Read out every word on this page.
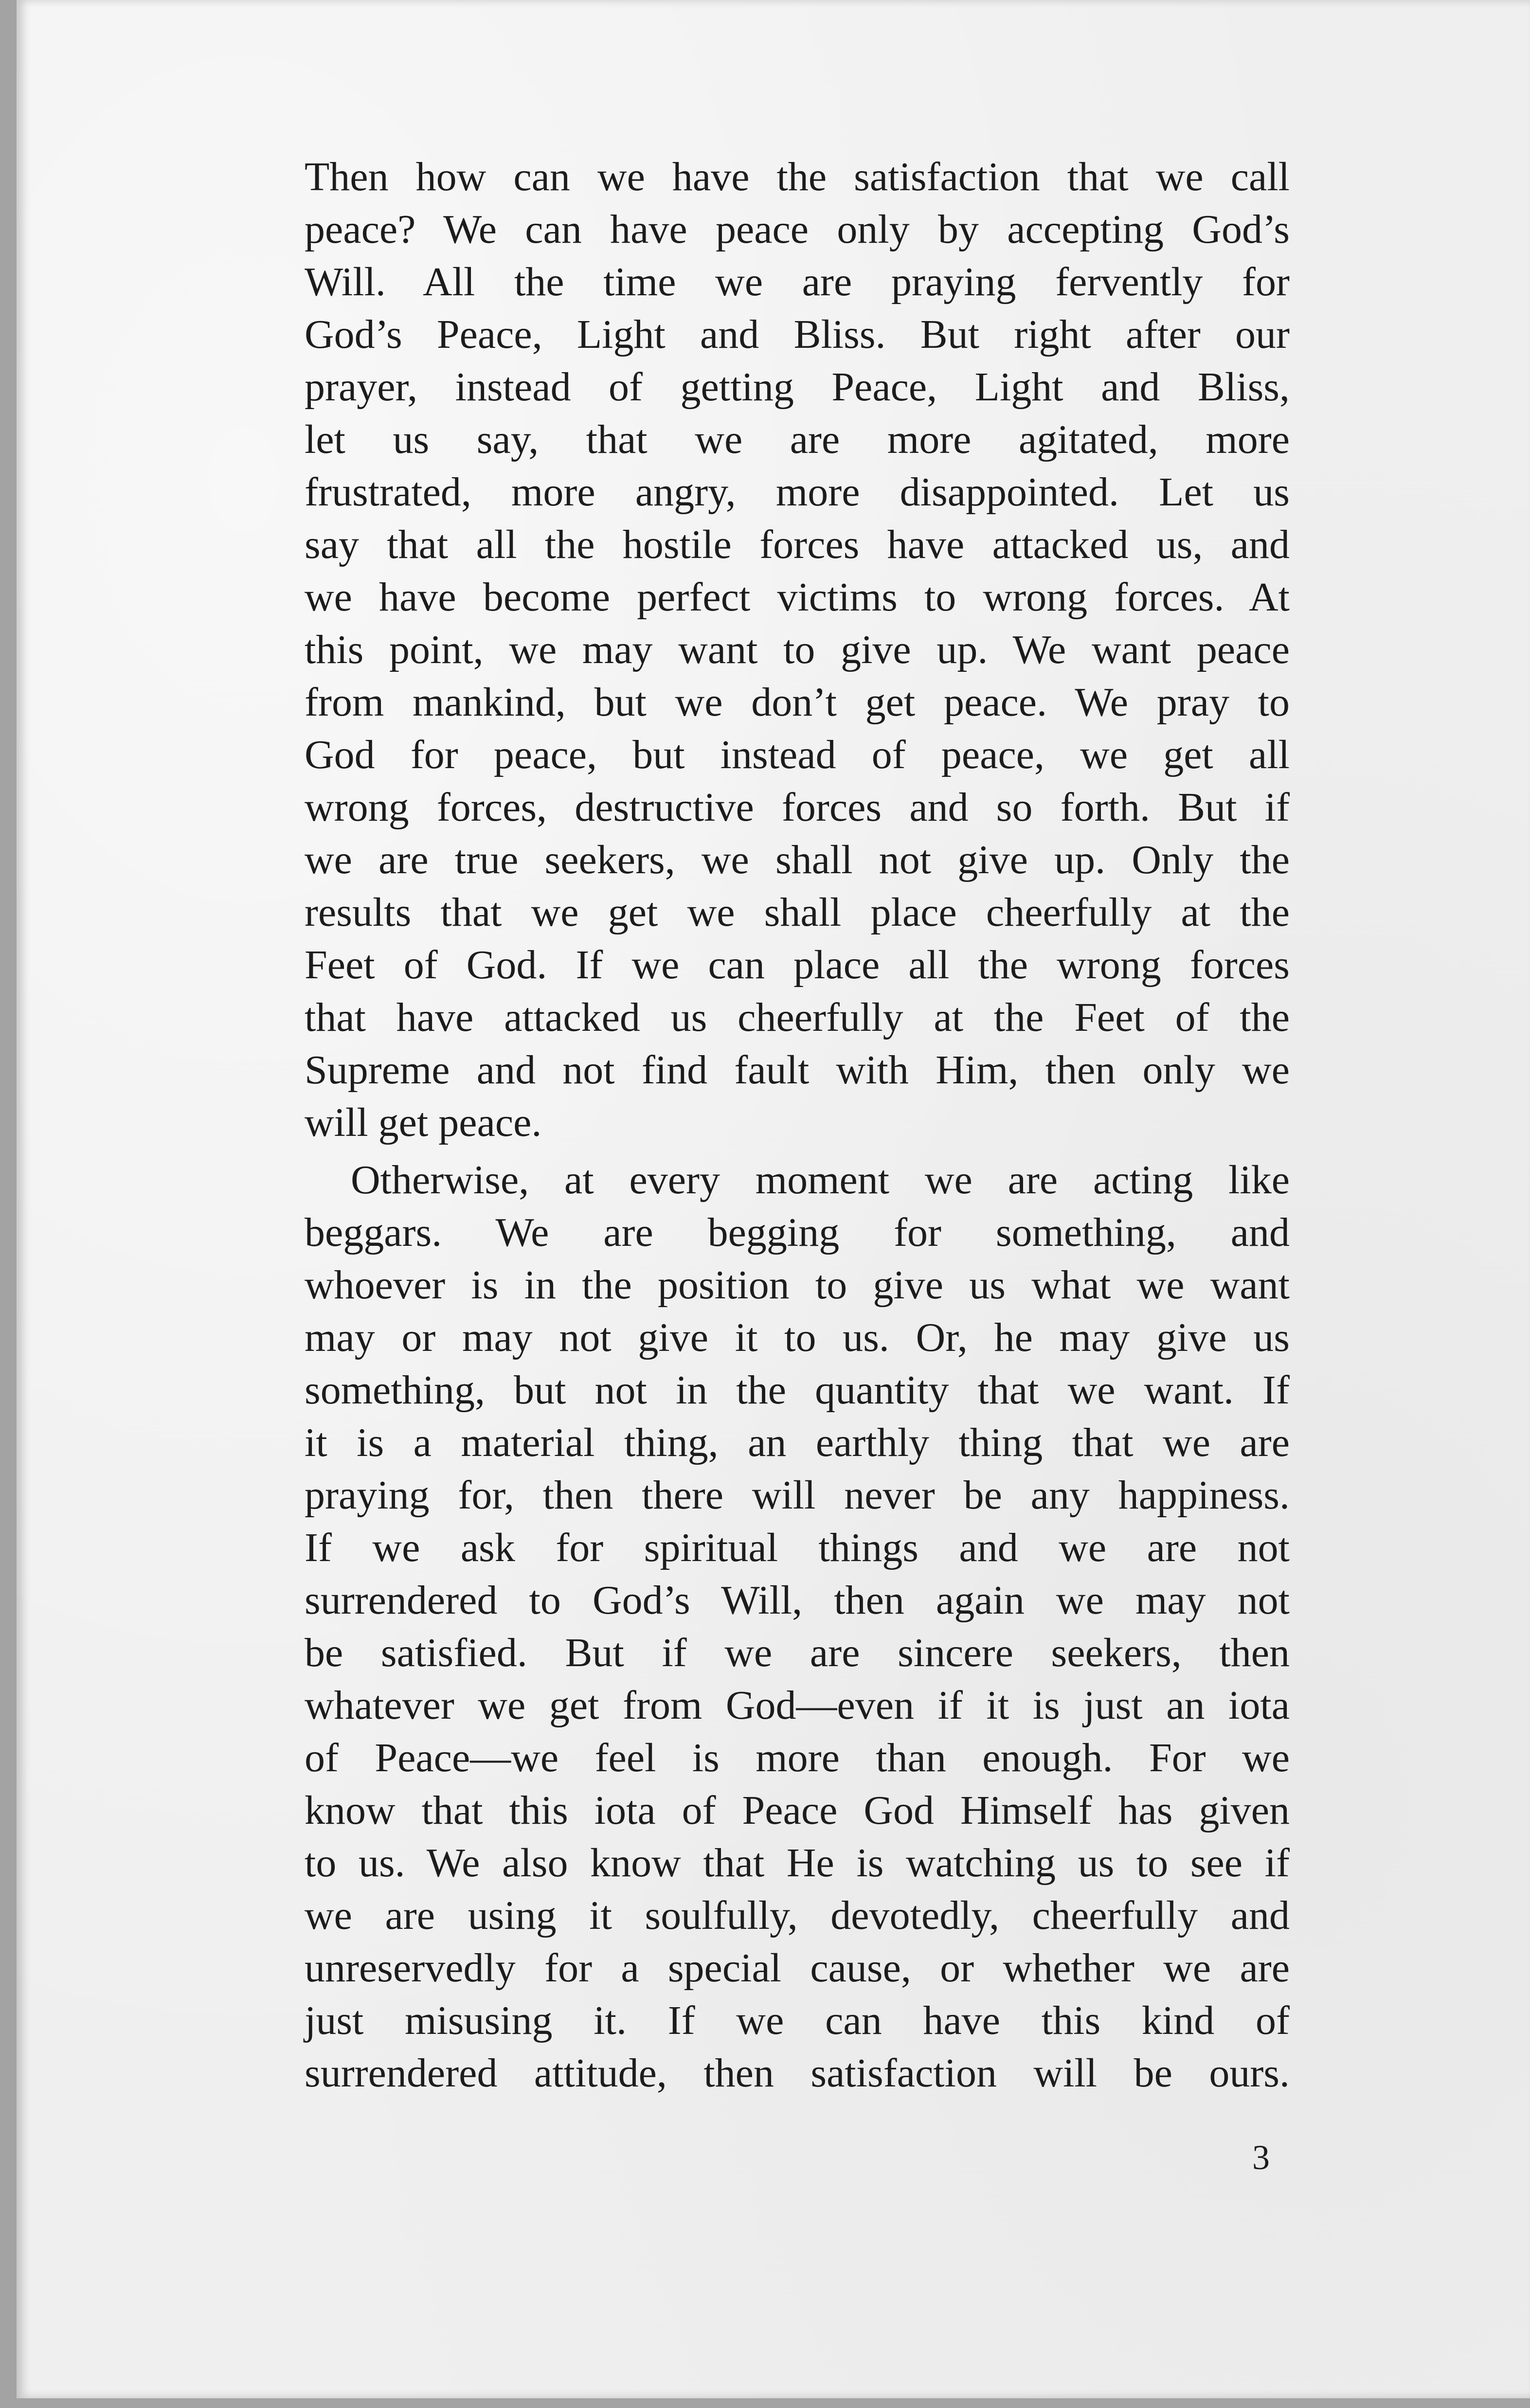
Then how can we have the satisfaction that we call
peace? We can have peace only by accepting God’s
Will. All the time we are praying fervently for
God’s Peace, Light and Bliss. But right after our
prayer, instead of getting Peace, Light and Bliss,
let us say, that we are more agitated, more
frustrated, more angry, more disappointed. Let us
say that all the hostile forces have attacked us, and
we have become perfect victims to wrong forces. At
this point, we may want to give up. We want peace
from mankind, but we don’t get peace. We pray to
God for peace, but instead of peace, we get all
wrong forces, destructive forces and so forth. But if
we are true seekers, we shall not give up. Only the
results that we get we shall place cheerfully at the
Feet of God. If we can place all the wrong forces
that have attacked us cheerfully at the Feet of the
Supreme and not find fault with Him, then only we
will get peace.
Otherwise, at every moment we are acting like
beggars. We are begging for something, and
whoever is in the position to give us what we want
may or may not give it to us. Or, he may give us
something, but not in the quantity that we want. If
it is a material thing, an earthly thing that we are
praying for, then there will never be any happiness.
If we ask for spiritual things and we are not
surrendered to God’s Will, then again we may not
be satisfied. But if we are sincere seekers, then
whatever we get from God—even if it is just an iota
of Peace—we feel is more than enough. For we
know that this iota of Peace God Himself has given
to us. We also know that He is watching us to see if
we are using it soulfully, devotedly, cheerfully and
unreservedly for a special cause, or whether we are
just misusing it. If we can have this kind of
surrendered attitude, then satisfaction will be ours.
3
